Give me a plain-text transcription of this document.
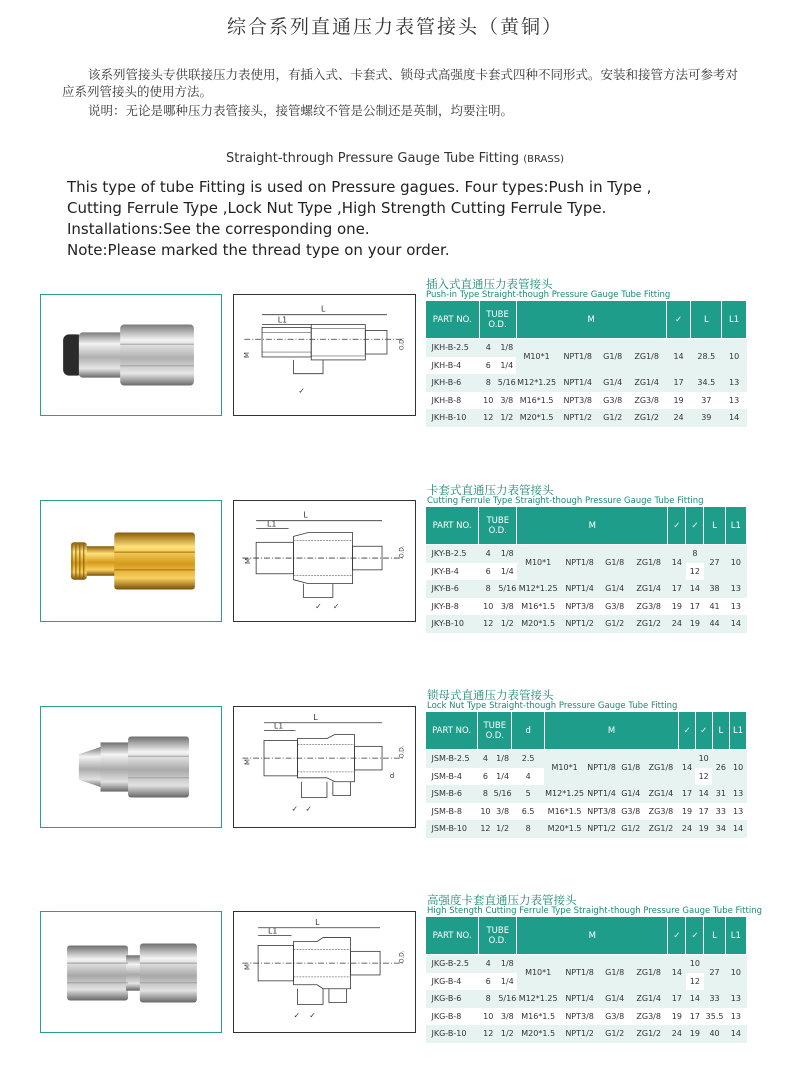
综合系列直通压力表管接头（黄铜）
该系列管接头专供联接压力表使用，有插入式、卡套式、锁母式高强度卡套式四种不同形式。安装和接管方法可参考对应系列管接头的使用方法。
说明：无论是哪种压力表管接头，接管螺纹不管是公制还是英制，均要注明。
Straight-through Pressure Gauge Tube Fitting (BRASS)
This type of tube Fitting is used on Pressure gagues. Four types:Push in Type ,
Cutting Ferrule Type ,Lock Nut Type ,High Strength Cutting Ferrule Type.
Installations:See the corresponding one.
Note:Please marked the thread type on your order.
L
L1
M
O.D.
✓
插入式直通压力表管接头
Push-in Type Straight-though Pressure Gauge Tube Fitting
PART NO.	TUBE
O.D.		M				✓	L	L1
JKH-B-2.5	4	1/8	M10*1	NPT1/8	G1/8	ZG1/8	14	28.5	10
JKH-B-4	6	1/4							
JKH-B-6	8	5/16	M12*1.25	NPT1/4	G1/4	ZG1/4	17	34.5	13
JKH-B-8	10	3/8	M16*1.5	NPT3/8	G3/8	ZG3/8	19	37	13
JKH-B-10	12	1/2	M20*1.5	NPT1/2	G1/2	ZG1/2	24	39	14
L
L1
M
O.D.
✓ ✓
卡套式直通压力表管接头
Cutting Ferrule Type Straight-though Pressure Gauge Tube Fitting
PART NO.	TUBE
O.D.		M				✓	✓	L	L1
JKY-B-2.5	4	1/8	M10*1	NPT1/8	G1/8	ZG1/8	14	8	27	10
JKY-B-4	6	1/4						12		
JKY-B-6	8	5/16	M12*1.25	NPT1/4	G1/4	ZG1/4	17	14	38	13
JKY-B-8	10	3/8	M16*1.5	NPT3/8	G3/8	ZG3/8	19	17	41	13
JKY-B-10	12	1/2	M20*1.5	NPT1/2	G1/2	ZG1/2	24	19	44	14
L
L1
M
O.D.
d
✓ ✓
锁母式直通压力表管接头
Lock Nut Type Straight-though Pressure Gauge Tube Fitting
PART NO.	TUBE
O.D.		d	M				✓	✓	L	L1
JSM-B-2.5	4	1/8	2.5	M10*1	NPT1/8	G1/8	ZG1/8	14	10	26	10
JSM-B-4	6	1/4	4						12		
JSM-B-6	8	5/16	5	M12*1.25	NPT1/4	G1/4	ZG1/4	17	14	31	13
JSM-B-8	10	3/8	6.5	M16*1.5	NPT3/8	G3/8	ZG3/8	19	17	33	13
JSM-B-10	12	1/2	8	M20*1.5	NPT1/2	G1/2	ZG1/2	24	19	34	14
L
L1
M
O.D.
✓ ✓
高强度卡套直通压力表管接头
High Stength Cutting Ferrule Type Straight-though Pressure Gauge Tube Fitting
PART NO.	TUBE
O.D.		M				✓	✓	L	L1
JKG-B-2.5	4	1/8	M10*1	NPT1/8	G1/8	ZG1/8	14	10	27	10
JKG-B-4	6	1/4						12		
JKG-B-6	8	5/16	M12*1.25	NPT1/4	G1/4	ZG1/4	17	14	33	13
JKG-B-8	10	3/8	M16*1.5	NPT3/8	G3/8	ZG3/8	19	17	35.5	13
JKG-B-10	12	1/2	M20*1.5	NPT1/2	G1/2	ZG1/2	24	19	40	14
